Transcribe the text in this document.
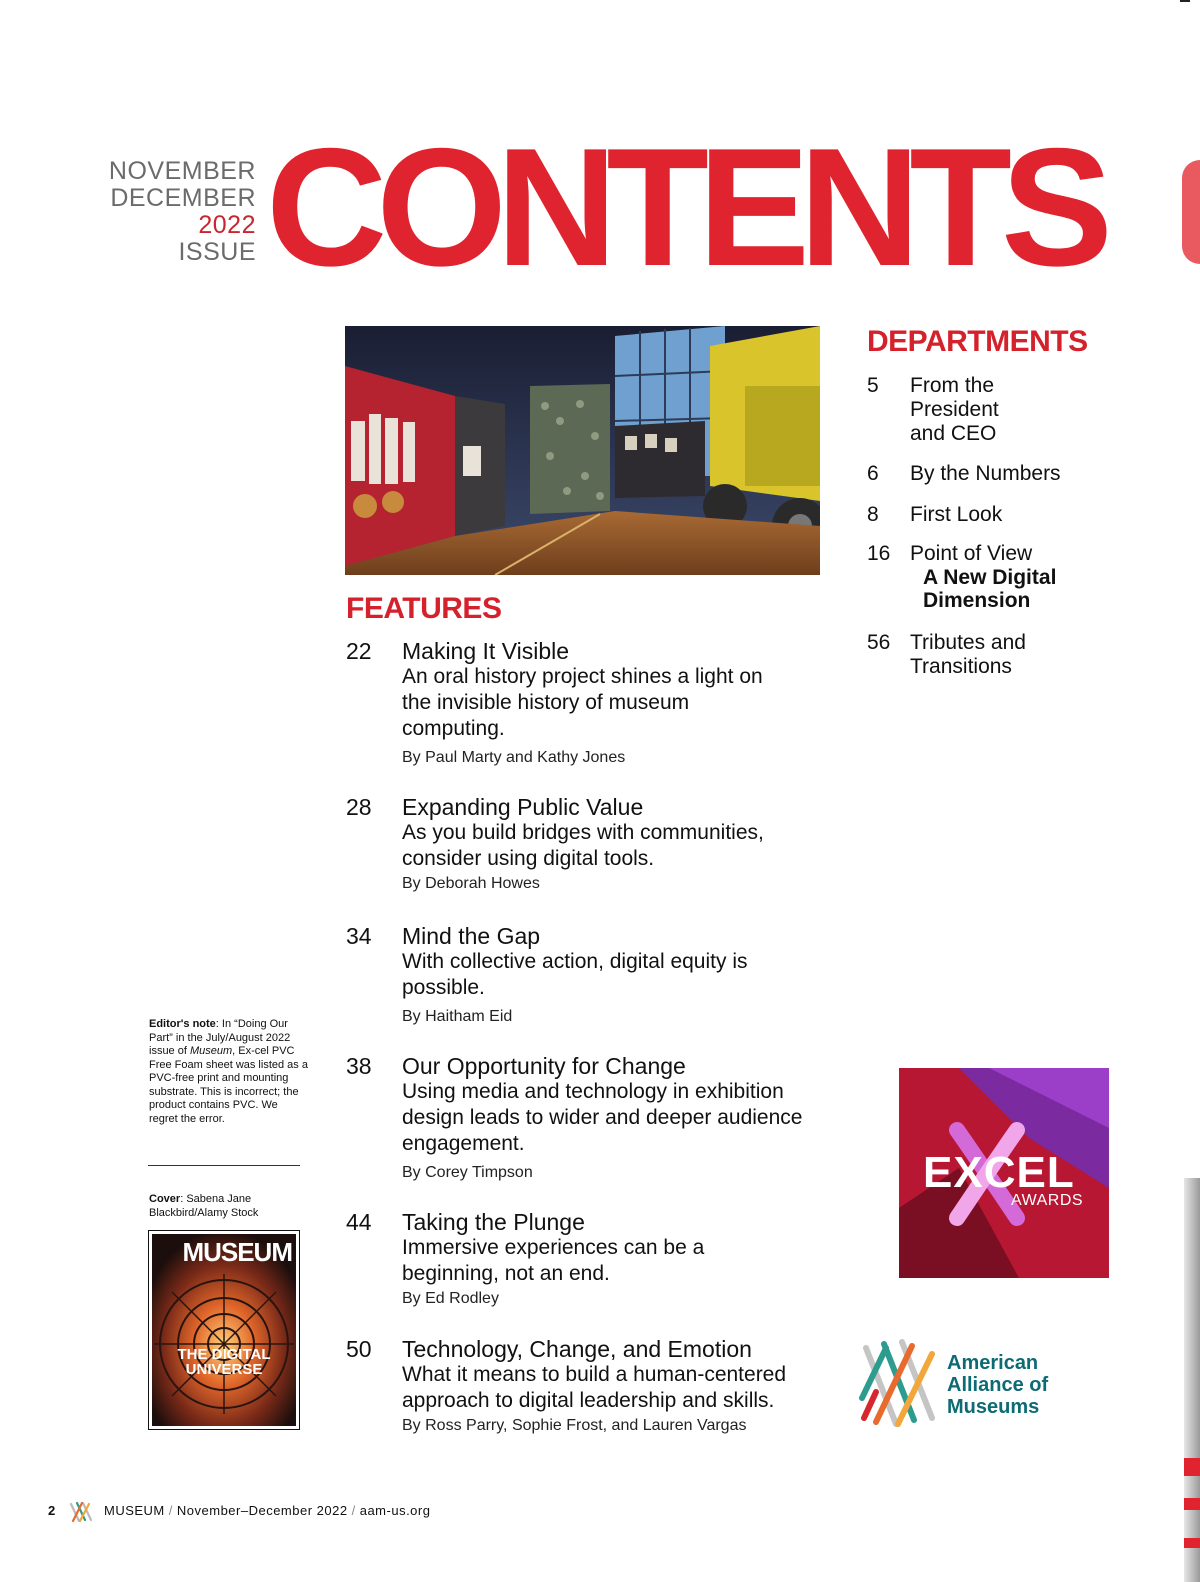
NOVEMBER
DECEMBER
2022
ISSUE CONTENTS
FEATURES
22 Making It Visible
An oral history project shines a light on the invisible history of museum computing.
By Paul Marty and Kathy Jones
28 Expanding Public Value
As you build bridges with communities, consider using digital tools.
By Deborah Howes
34 Mind the Gap
With collective action, digital equity is possible.
By Haitham Eid
38 Our Opportunity for Change
Using media and technology in exhibition design leads to wider and deeper audience engagement.
By Corey Timpson
44 Taking the Plunge
Immersive experiences can be a beginning, not an end.
By Ed Rodley
50 Technology, Change, and Emotion
What it means to build a human-centered approach to digital leadership and skills.
By Ross Parry, Sophie Frost, and Lauren Vargas
DEPARTMENTS
5 From the President and CEO
6 By the Numbers
8 First Look
16 Point of View
A New Digital Dimension
56 Tributes and Transitions
Editor's note: In “Doing Our Part” in the July/August 2022 issue of Museum, Ex-cel PVC Free Foam sheet was listed as a PVC-free print and mounting substrate. This is incorrect; the product contains PVC. We regret the error.
Cover: Sabena Jane Blackbird/Alamy Stock
MUSEUM
THE DIGITAL
UNIVERSE
EXCEL
AWARDS
American
Alliance of
Museums
2	MUSEUM / November–December 2022 / aam-us.org
